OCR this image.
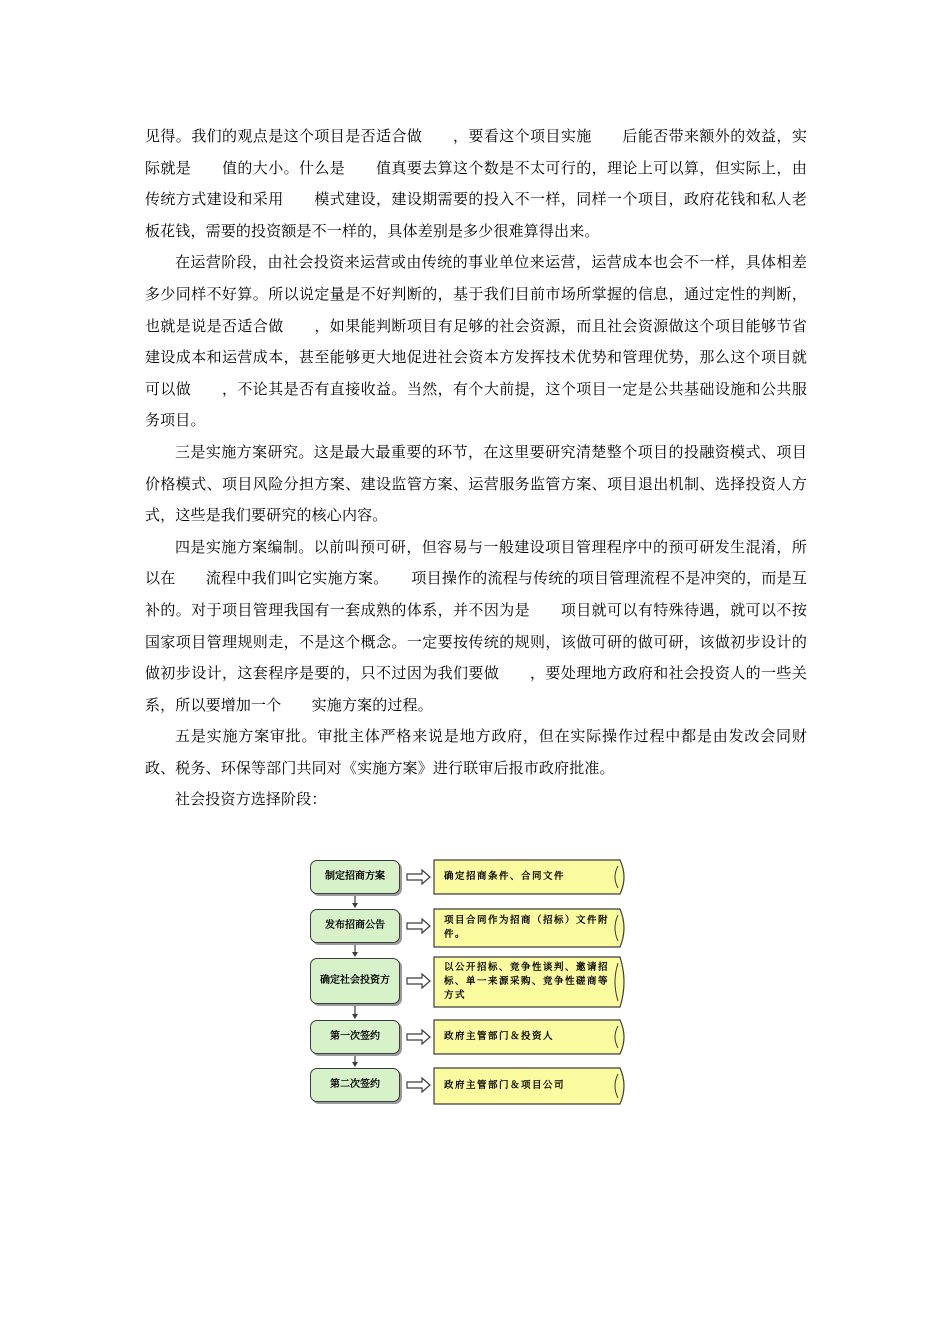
见得。我们的观点是这个项目是否适合做　　，要看这个项目实施　　后能否带来额外的效益，实际就是　　值的大小。什么是　　值真要去算这个数是不太可行的，理论上可以算，但实际上，由传统方式建设和采用　　模式建设，建设期需要的投入不一样，同样一个项目，政府花钱和私人老板花钱，需要的投资额是不一样的，具体差别是多少很难算得出来。

在运营阶段，由社会投资来运营或由传统的事业单位来运营，运营成本也会不一样，具体相差多少同样不好算。所以说定量是不好判断的，基于我们目前市场所掌握的信息，通过定性的判断，也就是说是否适合做　　，如果能判断项目有足够的社会资源，而且社会资源做这个项目能够节省建设成本和运营成本，甚至能够更大地促进社会资本方发挥技术优势和管理优势，那么这个项目就可以做　　，不论其是否有直接收益。当然，有个大前提，这个项目一定是公共基础设施和公共服务项目。

三是实施方案研究。这是最大最重要的环节，在这里要研究清楚整个项目的投融资模式、项目价格模式、项目风险分担方案、建设监管方案、运营服务监管方案、项目退出机制、选择投资人方式，这些是我们要研究的核心内容。

四是实施方案编制。以前叫预可研，但容易与一般建设项目管理程序中的预可研发生混淆，所以在　　流程中我们叫它实施方案。　　项目操作的流程与传统的项目管理流程不是冲突的，而是互补的。对于项目管理我国有一套成熟的体系，并不因为是　　项目就可以有特殊待遇，就可以不按国家项目管理规则走，不是这个概念。一定要按传统的规则，该做可研的做可研，该做初步设计的做初步设计，这套程序是要的，只不过因为我们要做　　，要处理地方政府和社会投资人的一些关系，所以要增加一个　　实施方案的过程。

五是实施方案审批。审批主体严格来说是地方政府，但在实际操作过程中都是由发改会同财政、税务、环保等部门共同对《实施方案》进行联审后报市政府批准。

社会投资方选择阶段：

制定招商方案	确定招商条件、合同文件
发布招商公告	项目合同作为招商（招标）文件附件。
确定社会投资方
以公开招标、竞争性谈判、邀请招标、单一来源采购、竞争性磋商等方式
第一次签约	政府主管部门＆投资人
第二次签约	政府主管部门＆项目公司
